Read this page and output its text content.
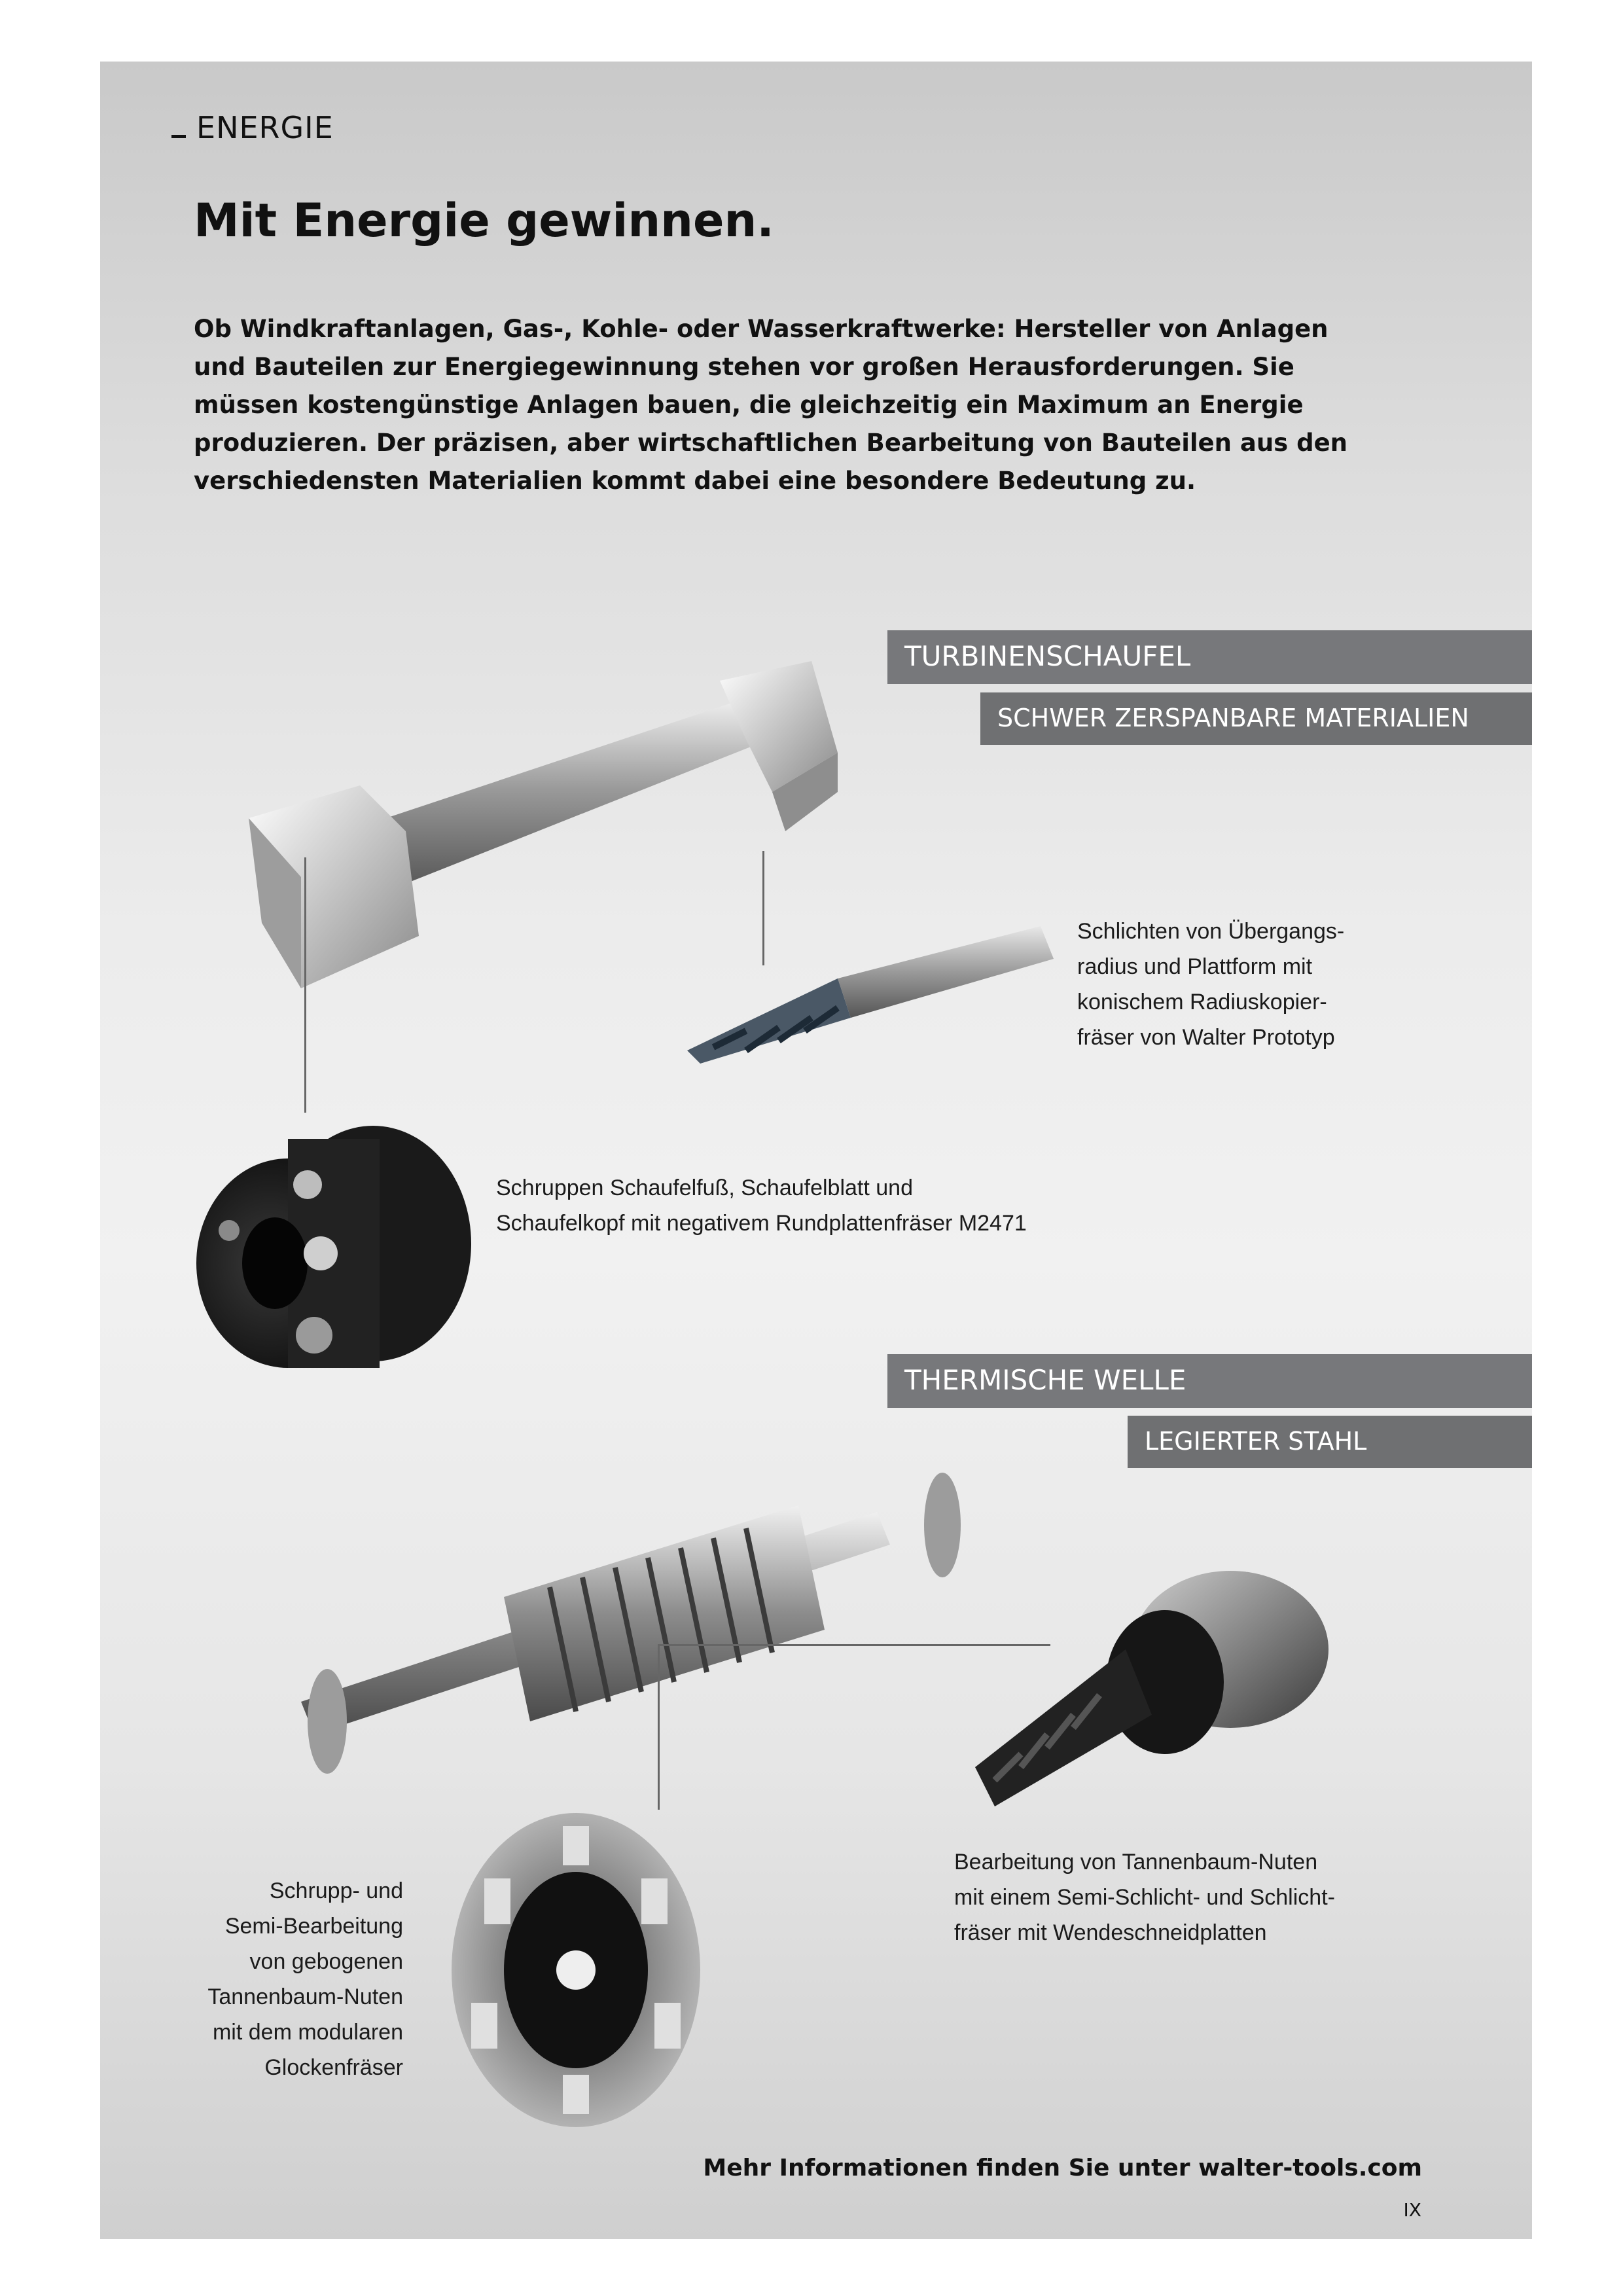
ENERGIE
Mit Energie gewinnen.
Ob Windkraftanlagen, Gas-, Kohle- oder Wasserkraftwerke: Hersteller von Anlagen und Bauteilen zur Energiegewinnung stehen vor großen Herausforderungen. Sie müssen kostengünstige Anlagen bauen, die gleichzeitig ein Maximum an Energie produzieren. Der präzisen, aber wirtschaftlichen Bearbeitung von Bauteilen aus den verschiedensten Materialien kommt dabei eine besondere Bedeutung zu.
TURBINENSCHAUFEL
SCHWER ZERSPANBARE MATERIALIEN
Schlichten von Übergangs-
radius und Plattform mit
konischem Radiuskopier-
fräser von Walter Prototyp
Schruppen Schaufelfuß, Schaufelblatt und
Schaufelkopf mit negativem Rundplattenfräser M2471
THERMISCHE WELLE
LEGIERTER STAHL
Schrupp- und
Semi-Bearbeitung
von gebogenen
Tannenbaum-Nuten
mit dem modularen
Glockenfräser
Bearbeitung von Tannenbaum-Nuten
mit einem Semi-Schlicht- und Schlicht-
fräser mit Wendeschneidplatten
Mehr Informationen finden Sie unter walter-tools.com
IX
